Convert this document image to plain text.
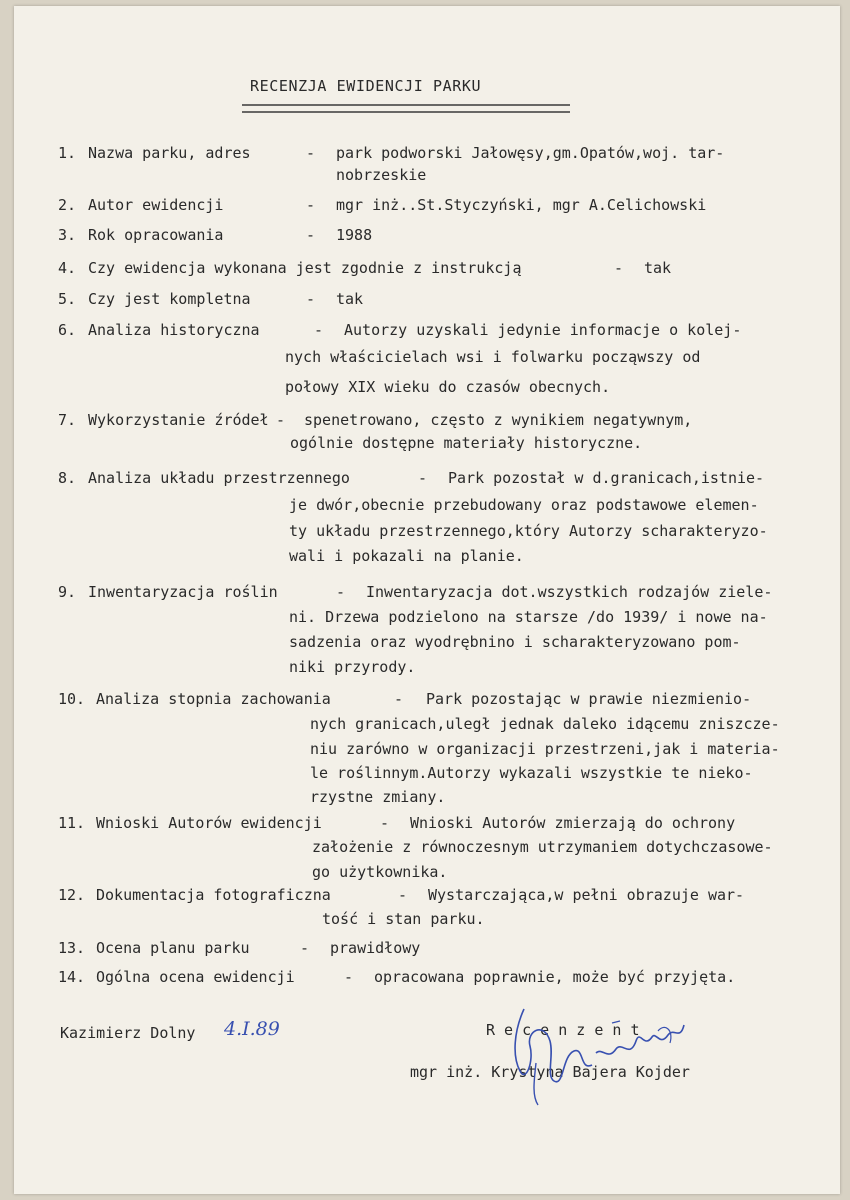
RECENZJA EWIDENCJI PARKU
1. Nazwa parku, adres	- park podworski Jałowęsy,gm.Opatów,woj. tar-
nobrzeskie
2. Autor ewidencji	- mgr inż..St.Styczyński, mgr A.Celichowski
3. Rok opracowania	- 1988
4. Czy ewidencja wykonana jest zgodnie z instrukcją	- tak
5. Czy jest kompletna	- tak
6. Analiza historyczna	- Autorzy uzyskali jedynie informacje o kolej-
nych właścicielach wsi i folwarku począwszy od
połowy XIX wieku do czasów obecnych.
7. Wykorzystanie źródeł - spenetrowano, często z wynikiem negatywnym,
ogólnie dostępne materiały historyczne.
8. Analiza układu przestrzennego	- Park pozostał w d.granicach,istnie-
je dwór,obecnie przebudowany oraz podstawowe elemen-
ty układu przestrzennego,który Autorzy scharakteryzo-
wali i pokazali na planie.
9. Inwentaryzacja roślin	- Inwentaryzacja dot.wszystkich rodzajów ziele-
ni. Drzewa podzielono na starsze /do 1939/ i nowe na-
sadzenia oraz wyodrębnino i scharakteryzowano pom-
niki przyrody.
10. Analiza stopnia zachowania	- Park pozostając w prawie niezmienio-
nych granicach,uległ jednak daleko idącemu zniszcze-
niu zarówno w organizacji przestrzeni,jak i materia-
le roślinnym.Autorzy wykazali wszystkie te nieko-
rzystne zmiany.
11. Wnioski Autorów ewidencji	- Wnioski Autorów zmierzają do ochrony
założenie z równoczesnym utrzymaniem dotychczasowe-
go użytkownika.
12. Dokumentacja fotograficzna	- Wystarczająca,w pełni obrazuje war-
tość i stan parku.
13. Ocena planu parku	- prawidłowy
14. Ogólna ocena ewidencji	- opracowana poprawnie, może być przyjęta.
Kazimierz Dolny 4.I.89	R e c e n z e n t
mgr inż. Krystyna Bajera Kojder
